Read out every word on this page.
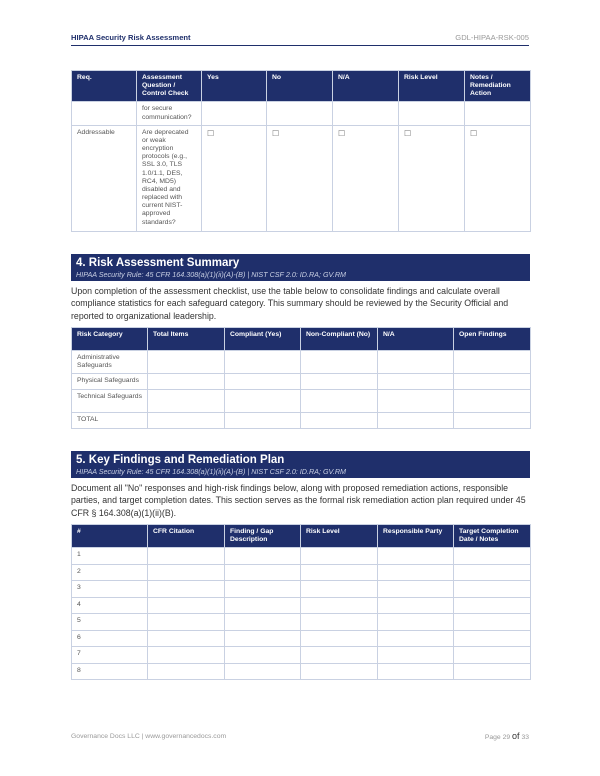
HIPAA Security Risk Assessment	GDL-HIPAA-RSK-005
Req.	Assessment Question / Control Check	Yes	No	N/A	Risk Level	Notes / Remediation Action
	for secure communication?					
Addressable	Are deprecated or weak encryption protocols (e.g., SSL 3.0, TLS 1.0/1.1, DES, RC4, MD5) disabled and replaced with current NIST-approved standards?	☐	☐	☐	☐	☐
4. Risk Assessment Summary
HIPAA Security Rule: 45 CFR 164.308(a)(1)(ii)(A)-(B) | NIST CSF 2.0: ID.RA; GV.RM

Upon completion of the assessment checklist, use the table below to consolidate findings and calculate overall compliance statistics for each safeguard category. This summary should be reviewed by the Security Official and reported to organizational leadership.

Risk Category	Total Items	Compliant (Yes)	Non-Compliant (No)	N/A	Open Findings
Administrative Safeguards					
Physical Safeguards					
Technical Safeguards					
TOTAL					
5. Key Findings and Remediation Plan
HIPAA Security Rule: 45 CFR 164.308(a)(1)(ii)(A)-(B) | NIST CSF 2.0: ID.RA; GV.RM

Document all "No" responses and high-risk findings below, along with proposed remediation actions, responsible parties, and target completion dates. This section serves as the formal risk remediation action plan required under 45 CFR § 164.308(a)(1)(ii)(B).

#	CFR Citation	Finding / Gap Description	Risk Level	Responsible Party	Target Completion Date / Notes
1					
2					
3					
4					
5					
6					
7					
8					
Governance Docs LLC | www.governancedocs.com	Page 29 of 33
